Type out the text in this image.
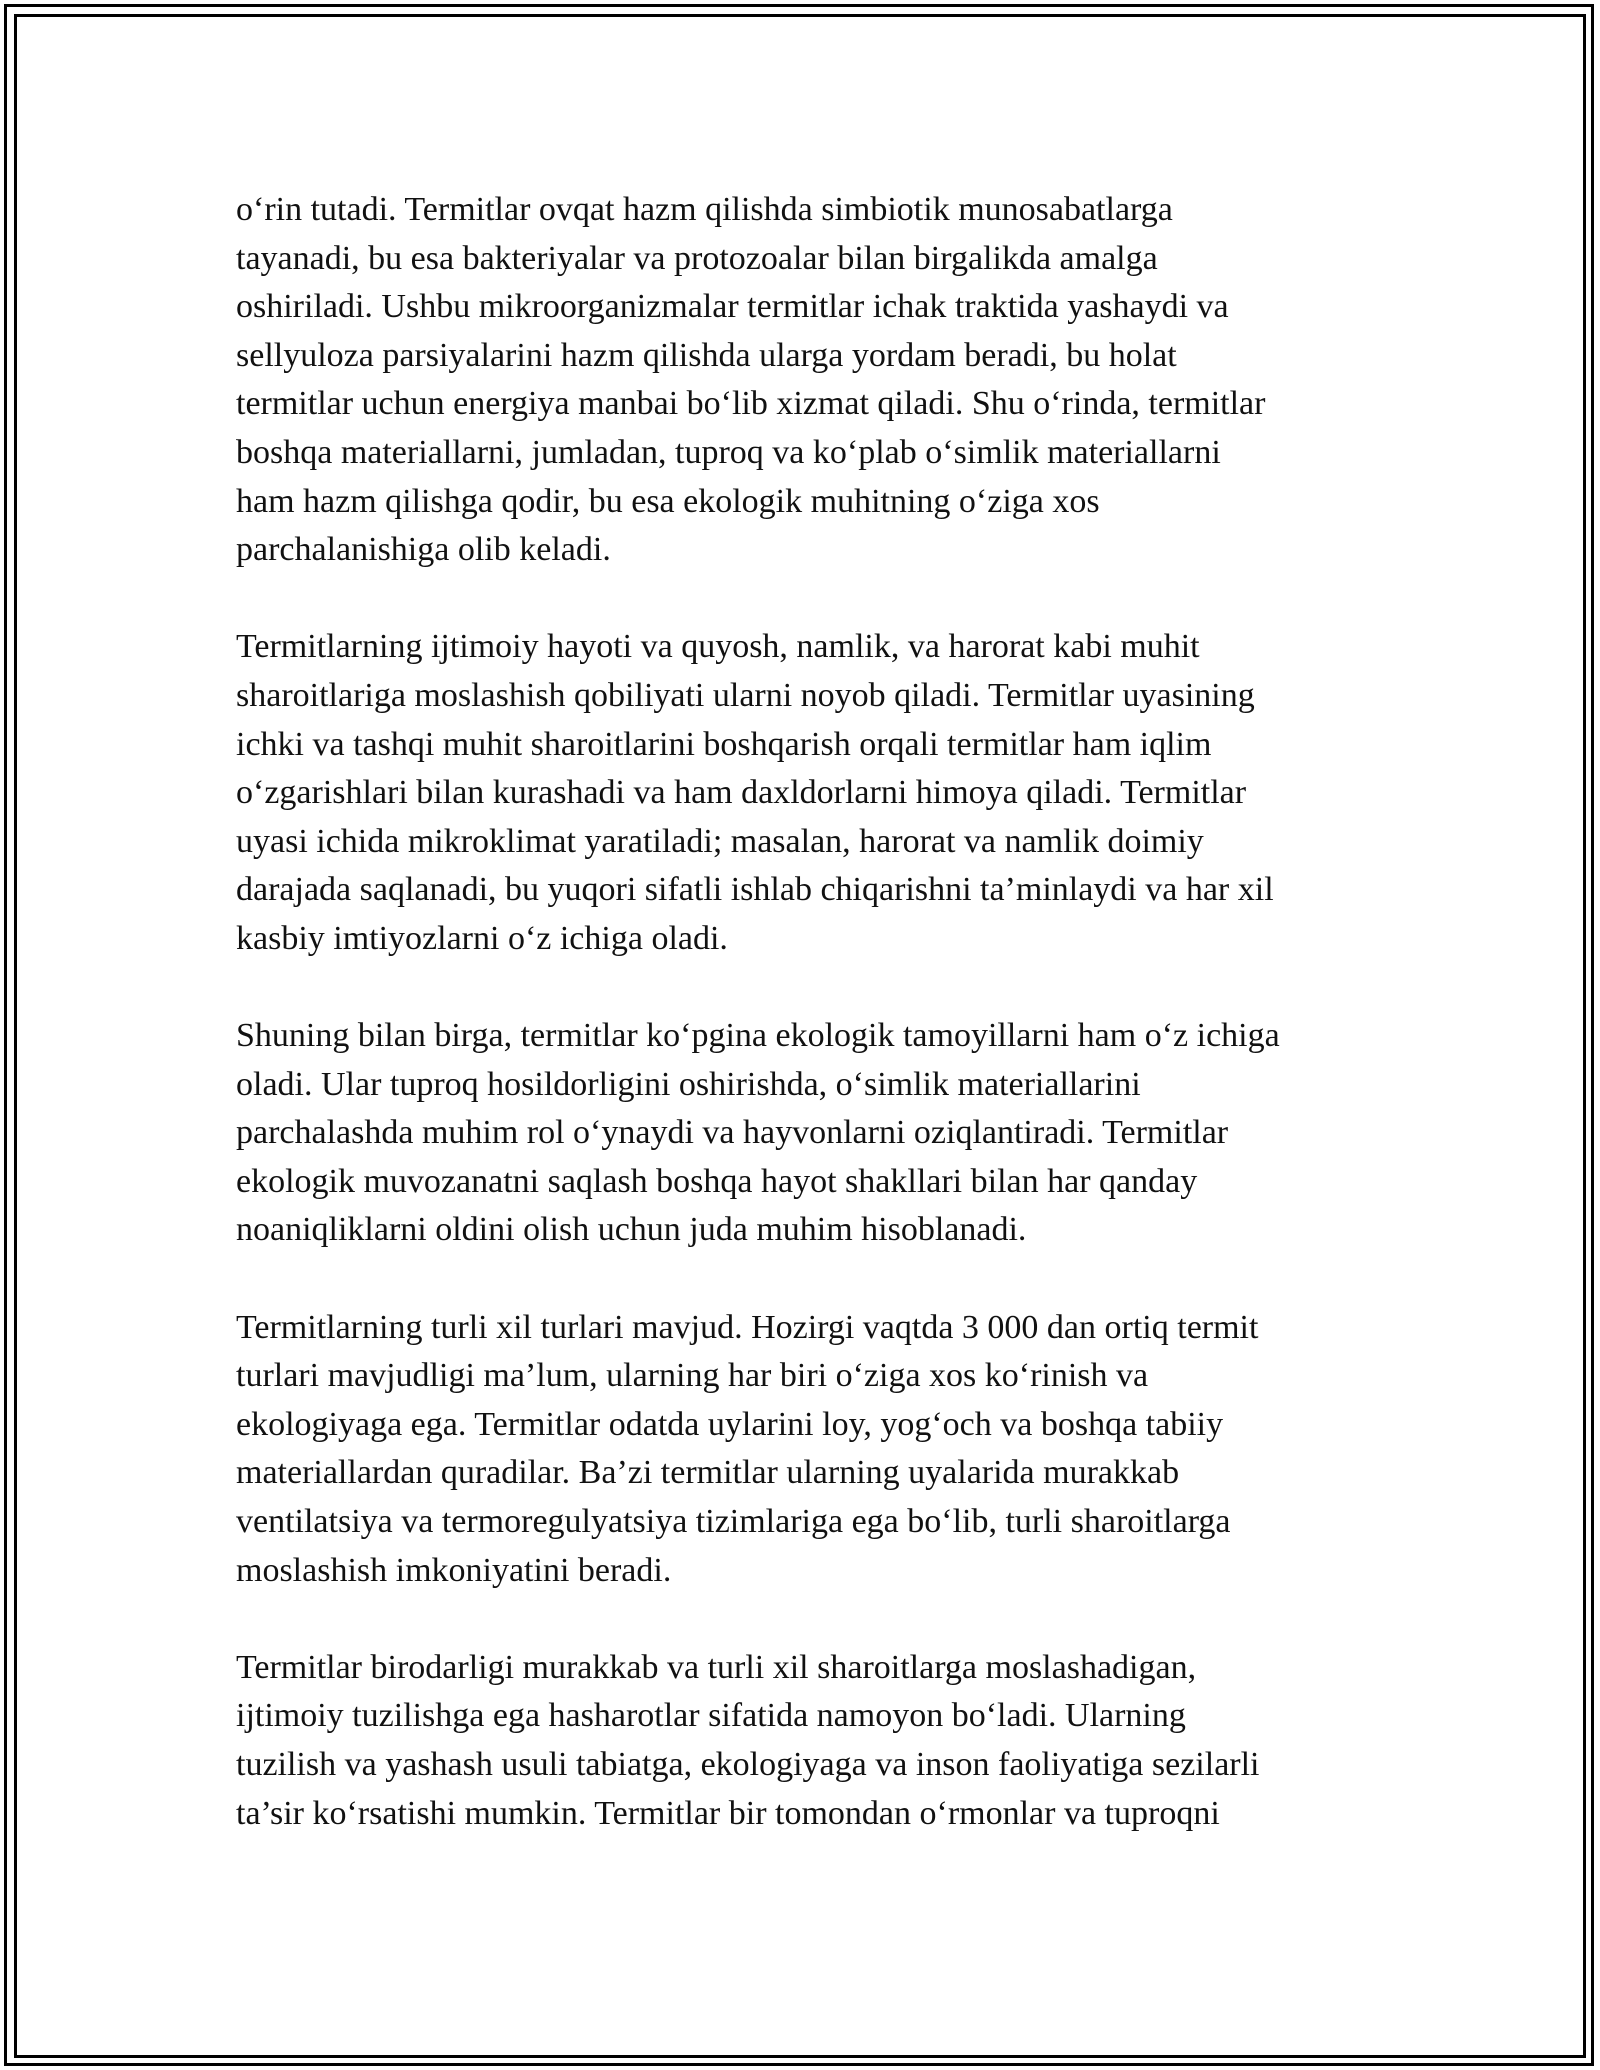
o‘rin tutadi. Termitlar ovqat hazm qilishda simbiotik munosabatlarga
tayanadi, bu esa bakteriyalar va protozoalar bilan birgalikda amalga
oshiriladi. Ushbu mikroorganizmalar termitlar ichak traktida yashaydi va
sellyuloza parsiyalarini hazm qilishda ularga yordam beradi, bu holat
termitlar uchun energiya manbai bo‘lib xizmat qiladi. Shu o‘rinda, termitlar
boshqa materiallarni, jumladan, tuproq va ko‘plab o‘simlik materiallarni
ham hazm qilishga qodir, bu esa ekologik muhitning o‘ziga xos
parchalanishiga olib keladi.
Termitlarning ijtimoiy hayoti va quyosh, namlik, va harorat kabi muhit
sharoitlariga moslashish qobiliyati ularni noyob qiladi. Termitlar uyasining
ichki va tashqi muhit sharoitlarini boshqarish orqali termitlar ham iqlim
o‘zgarishlari bilan kurashadi va ham daxldorlarni himoya qiladi. Termitlar
uyasi ichida mikroklimat yaratiladi; masalan, harorat va namlik doimiy
darajada saqlanadi, bu yuqori sifatli ishlab chiqarishni ta’minlaydi va har xil
kasbiy imtiyozlarni o‘z ichiga oladi.
Shuning bilan birga, termitlar ko‘pgina ekologik tamoyillarni ham o‘z ichiga
oladi. Ular tuproq hosildorligini oshirishda, o‘simlik materiallarini
parchalashda muhim rol o‘ynaydi va hayvonlarni oziqlantiradi. Termitlar
ekologik muvozanatni saqlash boshqa hayot shakllari bilan har qanday
noaniqliklarni oldini olish uchun juda muhim hisoblanadi.
Termitlarning turli xil turlari mavjud. Hozirgi vaqtda 3 000 dan ortiq termit
turlari mavjudligi ma’lum, ularning har biri o‘ziga xos ko‘rinish va
ekologiyaga ega. Termitlar odatda uylarini loy, yog‘och va boshqa tabiiy
materiallardan quradilar. Ba’zi termitlar ularning uyalarida murakkab
ventilatsiya va termoregulyatsiya tizimlariga ega bo‘lib, turli sharoitlarga
moslashish imkoniyatini beradi.
Termitlar birodarligi murakkab va turli xil sharoitlarga moslashadigan,
ijtimoiy tuzilishga ega hasharotlar sifatida namoyon bo‘ladi. Ularning
tuzilish va yashash usuli tabiatga, ekologiyaga va inson faoliyatiga sezilarli
ta’sir ko‘rsatishi mumkin. Termitlar bir tomondan o‘rmonlar va tuproqni
